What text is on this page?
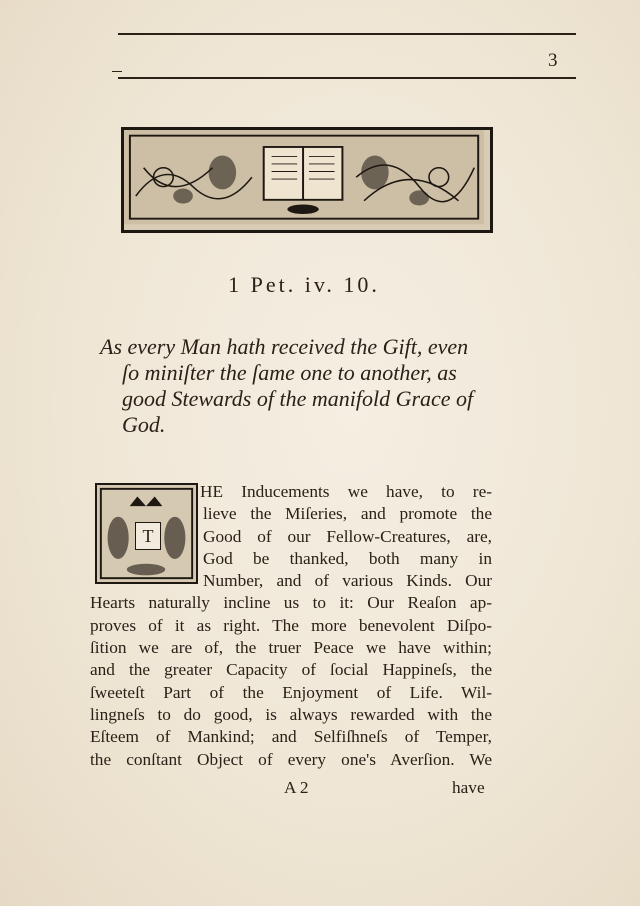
3
1 Pet. iv. 10.

As every Man hath received the Gift, even
ſo miniſter the ſame one to another, as
good Stewards of the manifold Grace of
God.

T
HE Inducements we have, to re-
lieve the Miſeries, and promote the
Good of our Fellow-Creatures, are,
God be thanked, both many in
Number, and of various Kinds. Our
Hearts naturally incline us to it: Our Reaſon ap-
proves of it as right. The more benevolent Diſpo-
ſition we are of, the truer Peace we have within;
and the greater Capacity of ſocial Happineſs, the
ſweeteſt Part of the Enjoyment of Life. Wil-
lingneſs to do good, is always rewarded with the
Eſteem of Mankind; and Selfiſhneſs of Temper,
the conſtant Object of every one's Averſion. We
A 2	have
